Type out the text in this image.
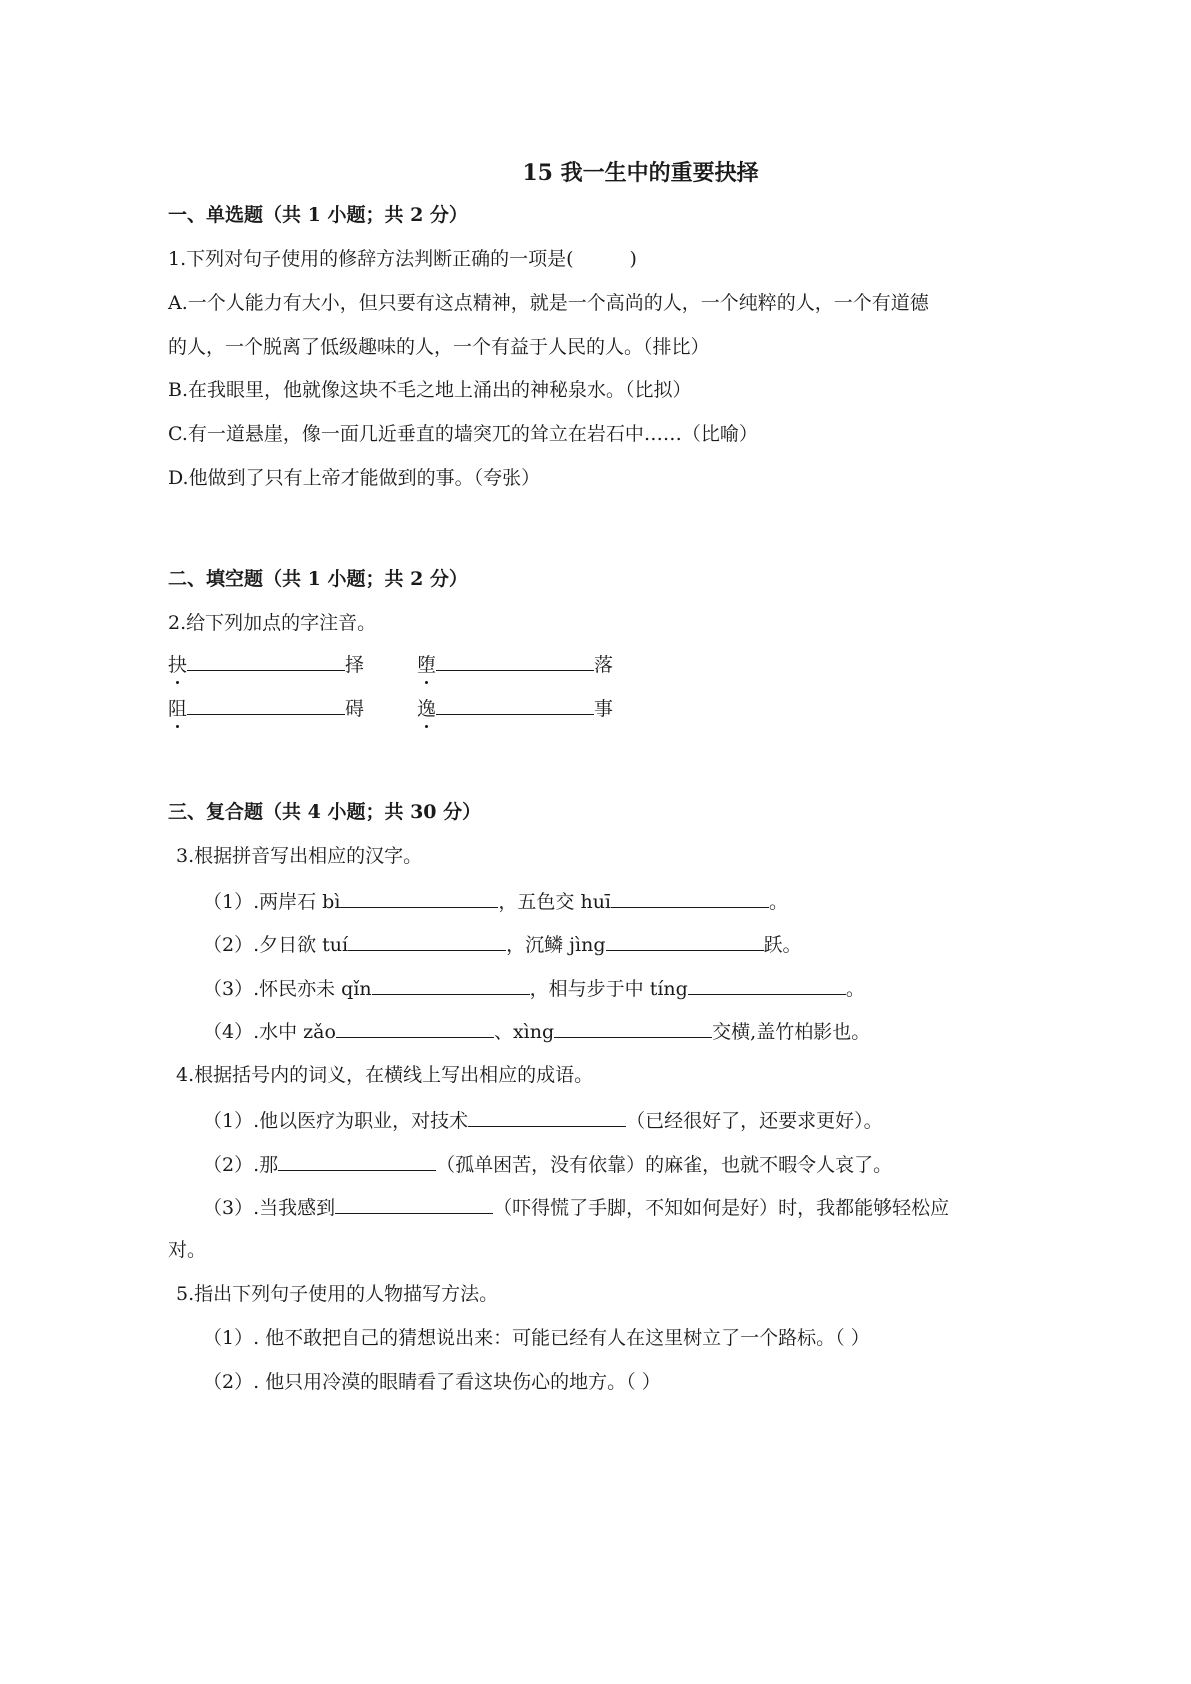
15 我一生中的重要抉择
一、单选题（共 1 小题；共 2 分）
1.下列对句子使用的修辞方法判断正确的一项是(	)
A.一个人能力有大小，但只要有这点精神，就是一个高尚的人，一个纯粹的人，一个有道德
的人，一个脱离了低级趣味的人，一个有益于人民的人。（排比）
B.在我眼里，他就像这块不毛之地上涌出的神秘泉水。（比拟）
C.有一道悬崖，像一面几近垂直的墙突兀的耸立在岩石中……（比喻）
D.他做到了只有上帝才能做到的事。（夸张）
二、填空题（共 1 小题；共 2 分）
2.给下列加点的字注音。
抉	择	堕	落
阻	碍	逸	事
三、复合题（共 4 小题；共 30 分）
3.根据拼音写出相应的汉字。
（1）.两岸石 bì	，五色交 huī	。
（2）.夕日欲 tuí	，沉鳞 jìng	跃。
（3）.怀民亦未 qǐn	，相与步于中 tíng	。
（4）.水中 zǎo	、xìng	交横,盖竹柏影也。
4.根据括号内的词义，在横线上写出相应的成语。
（1）.他以医疗为职业，对技术	（已经很好了，还要求更好）。
（2）.那	（孤单困苦，没有依靠）的麻雀，也就不暇令人哀了。
（3）.当我感到	（吓得慌了手脚，不知如何是好）时，我都能够轻松应
对。
5.指出下列句子使用的人物描写方法。
（1）. 他不敢把自己的猜想说出来：可能已经有人在这里树立了一个路标。（ ）
（2）. 他只用冷漠的眼睛看了看这块伤心的地方。（ ）
